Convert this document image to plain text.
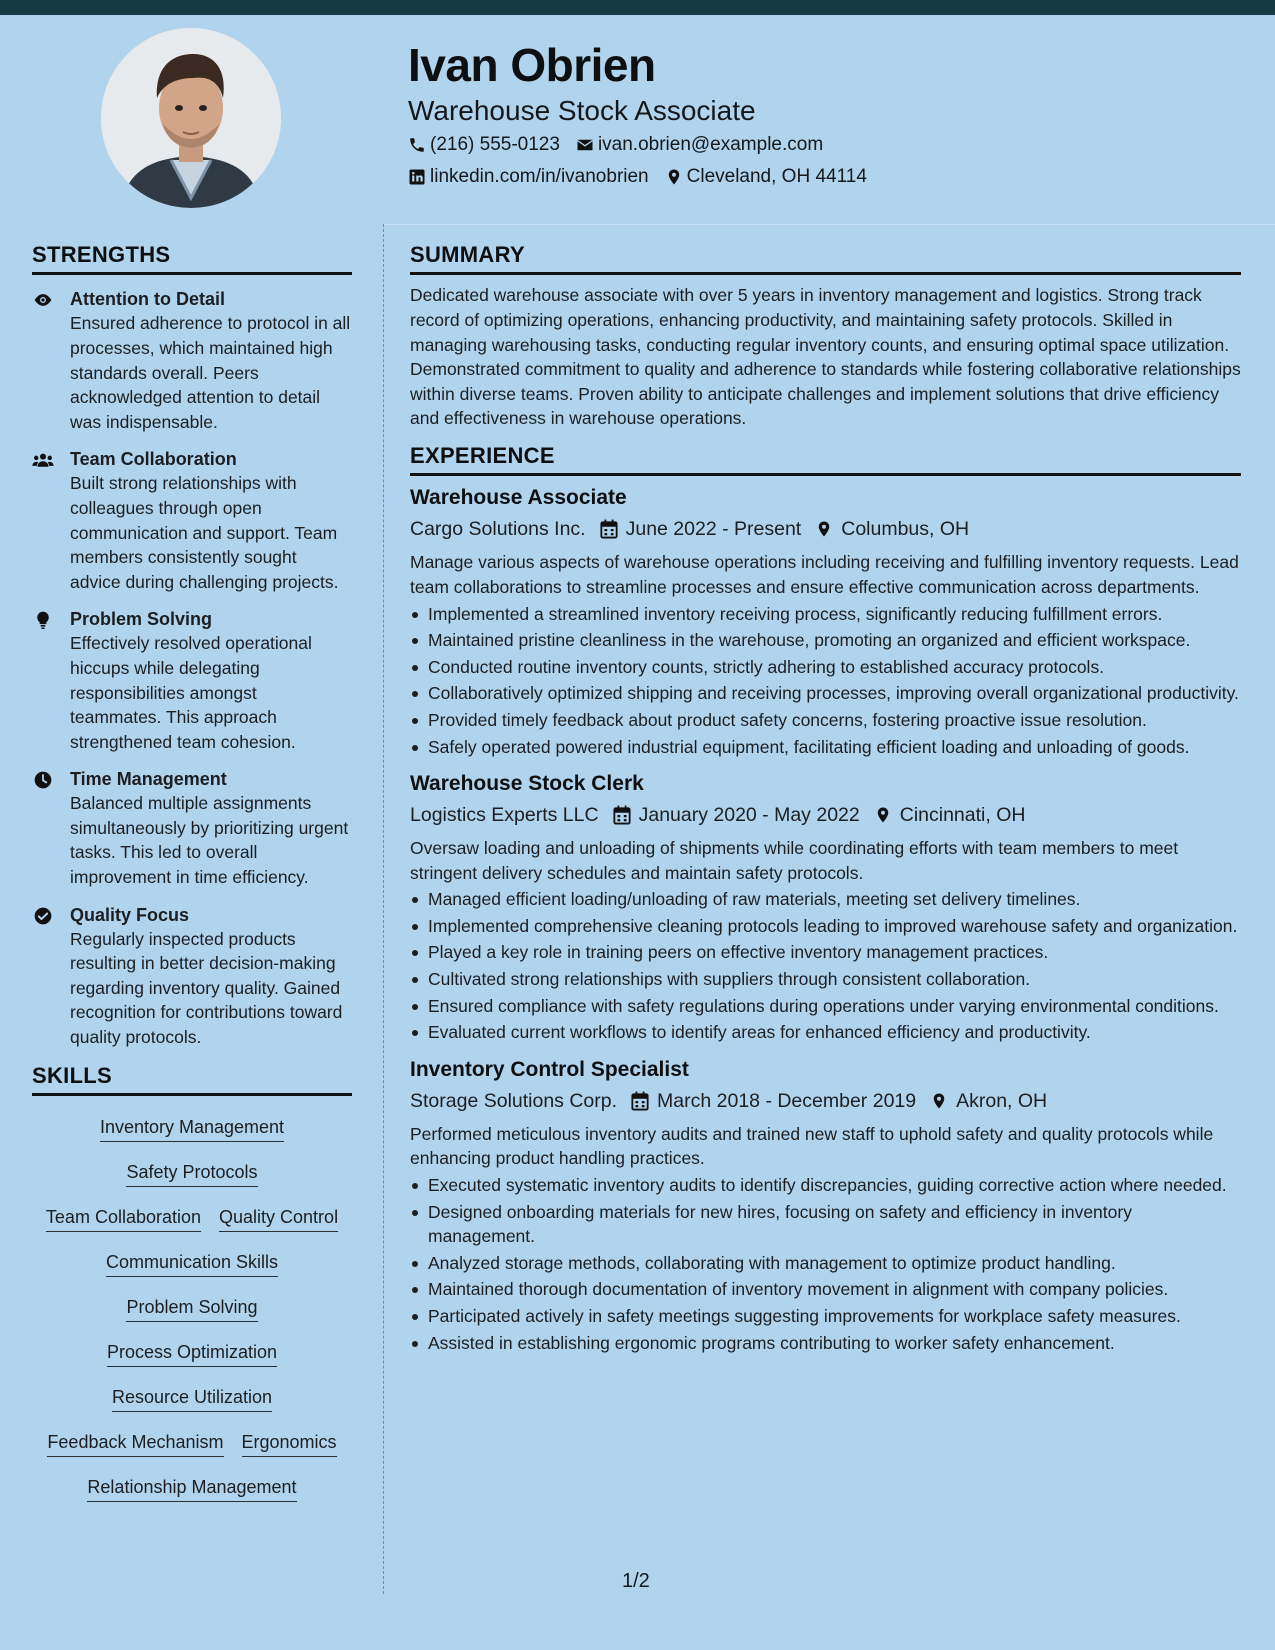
Ivan Obrien
Warehouse Stock Associate
(216) 555-0123 ivan.obrien@example.com
linkedin.com/in/ivanobrien Cleveland, OH 44114
STRENGTHS
Attention to Detail
Ensured adherence to protocol in all processes, which maintained high standards overall. Peers acknowledged attention to detail was indispensable.
Team Collaboration
Built strong relationships with colleagues through open communication and support. Team members consistently sought advice during challenging projects.
Problem Solving
Effectively resolved operational hiccups while delegating responsibilities amongst teammates. This approach strengthened team cohesion.
Time Management
Balanced multiple assignments simultaneously by prioritizing urgent tasks. This led to overall improvement in time efficiency.
Quality Focus
Regularly inspected products resulting in better decision-making regarding inventory quality. Gained recognition for contributions toward quality protocols.
SKILLS
Inventory Management
Safety Protocols
Team Collaboration Quality Control
Communication Skills
Problem Solving
Process Optimization
Resource Utilization
Feedback Mechanism Ergonomics
Relationship Management
SUMMARY
Dedicated warehouse associate with over 5 years in inventory management and logistics. Strong track record of optimizing operations, enhancing productivity, and maintaining safety protocols. Skilled in managing warehousing tasks, conducting regular inventory counts, and ensuring optimal space utilization. Demonstrated commitment to quality and adherence to standards while fostering collaborative relationships within diverse teams. Proven ability to anticipate challenges and implement solutions that drive efficiency and effectiveness in warehouse operations.
EXPERIENCE
Warehouse Associate
Cargo Solutions Inc. June 2022 - Present Columbus, OH
Manage various aspects of warehouse operations including receiving and fulfilling inventory requests. Lead team collaborations to streamline processes and ensure effective communication across departments.
Implemented a streamlined inventory receiving process, significantly reducing fulfillment errors.
Maintained pristine cleanliness in the warehouse, promoting an organized and efficient workspace.
Conducted routine inventory counts, strictly adhering to established accuracy protocols.
Collaboratively optimized shipping and receiving processes, improving overall organizational productivity.
Provided timely feedback about product safety concerns, fostering proactive issue resolution.
Safely operated powered industrial equipment, facilitating efficient loading and unloading of goods.
Warehouse Stock Clerk
Logistics Experts LLC January 2020 - May 2022 Cincinnati, OH
Oversaw loading and unloading of shipments while coordinating efforts with team members to meet stringent delivery schedules and maintain safety protocols.
Managed efficient loading/unloading of raw materials, meeting set delivery timelines.
Implemented comprehensive cleaning protocols leading to improved warehouse safety and organization.
Played a key role in training peers on effective inventory management practices.
Cultivated strong relationships with suppliers through consistent collaboration.
Ensured compliance with safety regulations during operations under varying environmental conditions.
Evaluated current workflows to identify areas for enhanced efficiency and productivity.
Inventory Control Specialist
Storage Solutions Corp. March 2018 - December 2019 Akron, OH
Performed meticulous inventory audits and trained new staff to uphold safety and quality protocols while enhancing product handling practices.
Executed systematic inventory audits to identify discrepancies, guiding corrective action where needed.
Designed onboarding materials for new hires, focusing on safety and efficiency in inventory management.
Analyzed storage methods, collaborating with management to optimize product handling.
Maintained thorough documentation of inventory movement in alignment with company policies.
Participated actively in safety meetings suggesting improvements for workplace safety measures.
Assisted in establishing ergonomic programs contributing to worker safety enhancement.
1/2
